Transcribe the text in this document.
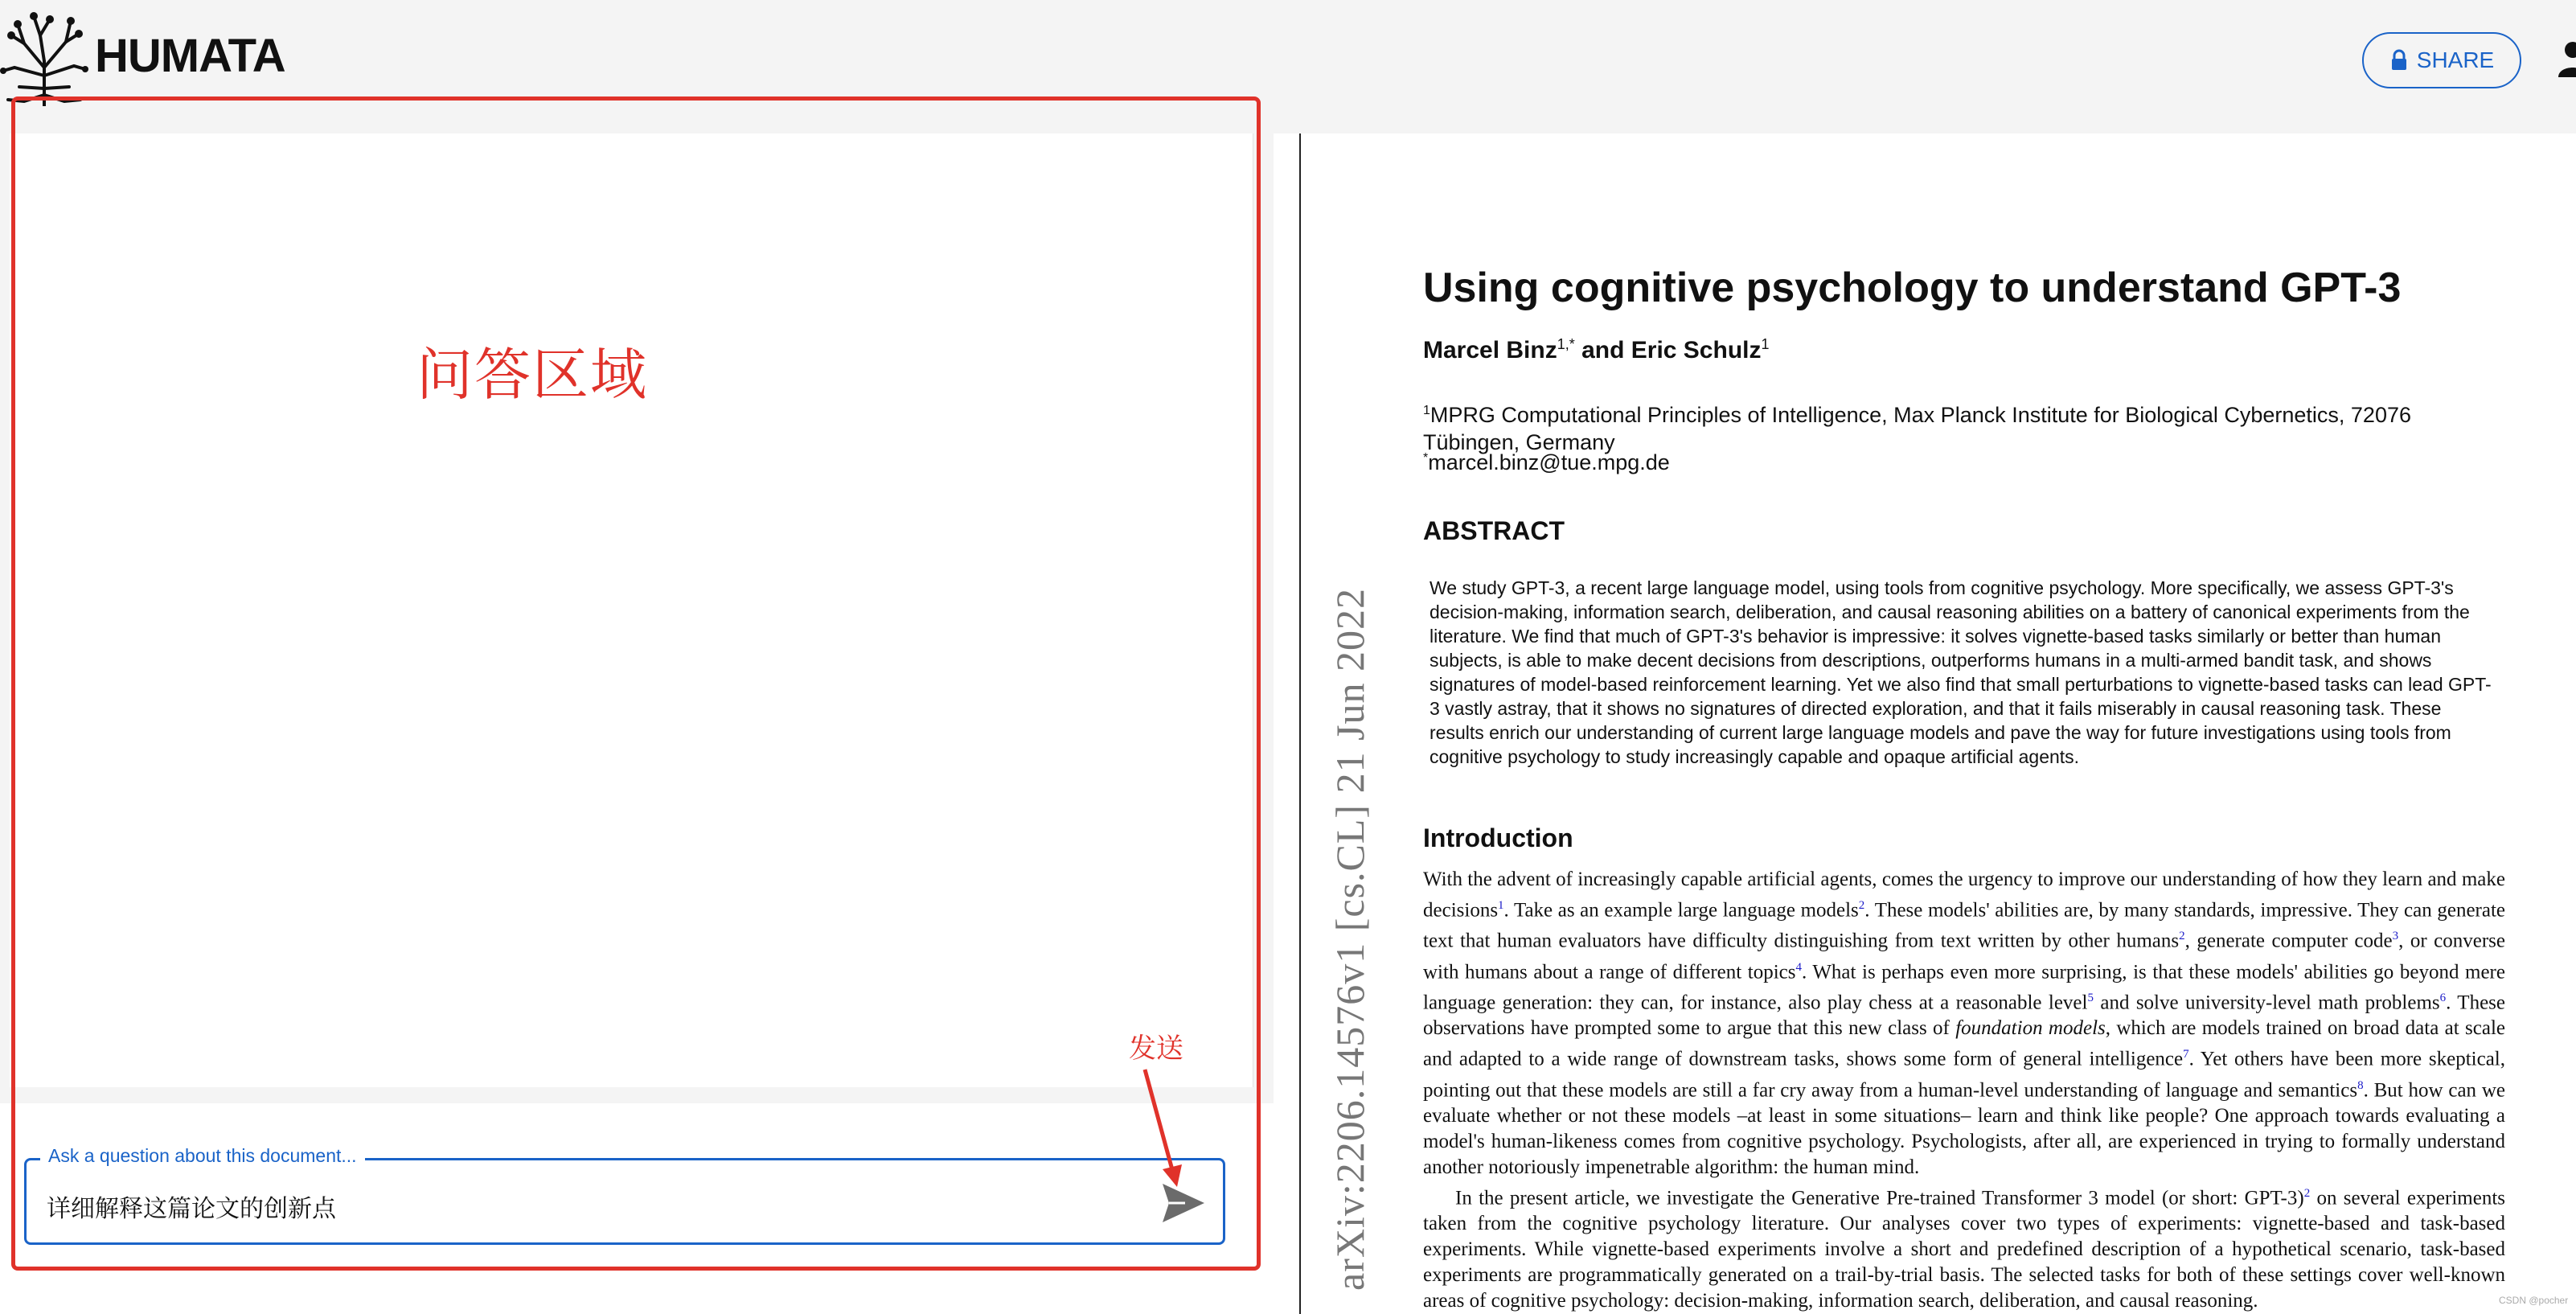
HUMATA	SHARE
问答区域
Ask a question about this document...
详细解释这篇论文的创新点
发送	arXiv:2206.14576v1 [cs.CL] 21 Jun 2022
Using cognitive psychology to understand GPT-3
Marcel Binz$^{1,*}$ and Eric Schulz$^1$
$^1$MPRG Computational Principles of Intelligence, Max Planck Institute for Biological Cybernetics, 72076 Tübingen, Germany
*marcel.binz@tue.mpg.de
ABSTRACT
We study GPT-3, a recent large language model, using tools from cognitive psychology. More specifically, we assess GPT-3's decision-making, information search, deliberation, and causal reasoning abilities on a battery of canonical experiments from the literature. We find that much of GPT-3's behavior is impressive: it solves vignette-based tasks similarly or better than human subjects, is able to make decent decisions from descriptions, outperforms humans in a multi-armed bandit task, and shows signatures of model-based reinforcement learning. Yet we also find that small perturbations to vignette-based tasks can lead GPT-3 vastly astray, that it shows no signatures of directed exploration, and that it fails miserably in causal reasoning task. These results enrich our understanding of current large language models and pave the way for future investigations using tools from cognitive psychology to study increasingly capable and opaque artificial agents.
Introduction

With the advent of increasingly capable artificial agents, comes the urgency to improve our understanding of how they learn and make decisions$^1$. Take as an example large language models$^2$. These models' abilities are, by many standards, impressive. They can generate text that human evaluators have difficulty distinguishing from text written by other humans$^2$, generate computer code$^3$, or converse with humans about a range of different topics$^4$. What is perhaps even more surprising, is that these models' abilities go beyond mere language generation: they can, for instance, also play chess at a reasonable level$^5$ and solve university-level math problems$^6$. These observations have prompted some to argue that this new class of foundation models, which are models trained on broad data at scale and adapted to a wide range of downstream tasks, shows some form of general intelligence$^7$. Yet others have been more skeptical, pointing out that these models are still a far cry away from a human-level understanding of language and semantics$^8$. But how can we evaluate whether or not these models –at least in some situations– learn and think like people? One approach towards evaluating a model's human-likeness comes from cognitive psychology. Psychologists, after all, are experienced in trying to formally understand another notoriously impenetrable algorithm: the human mind.

In the present article, we investigate the Generative Pre-trained Transformer 3 model (or short: GPT-3)$^2$ on several experiments taken from the cognitive psychology literature. Our analyses cover two types of experiments: vignette-based and task-based experiments. While vignette-based experiments involve a short and predefined description of a hypothetical scenario, task-based experiments are programmatically generated on a trail-by-trial basis. The selected tasks for both of these settings cover well-known areas of cognitive psychology: decision-making, information search, deliberation, and causal reasoning.	CSDN @pocher
